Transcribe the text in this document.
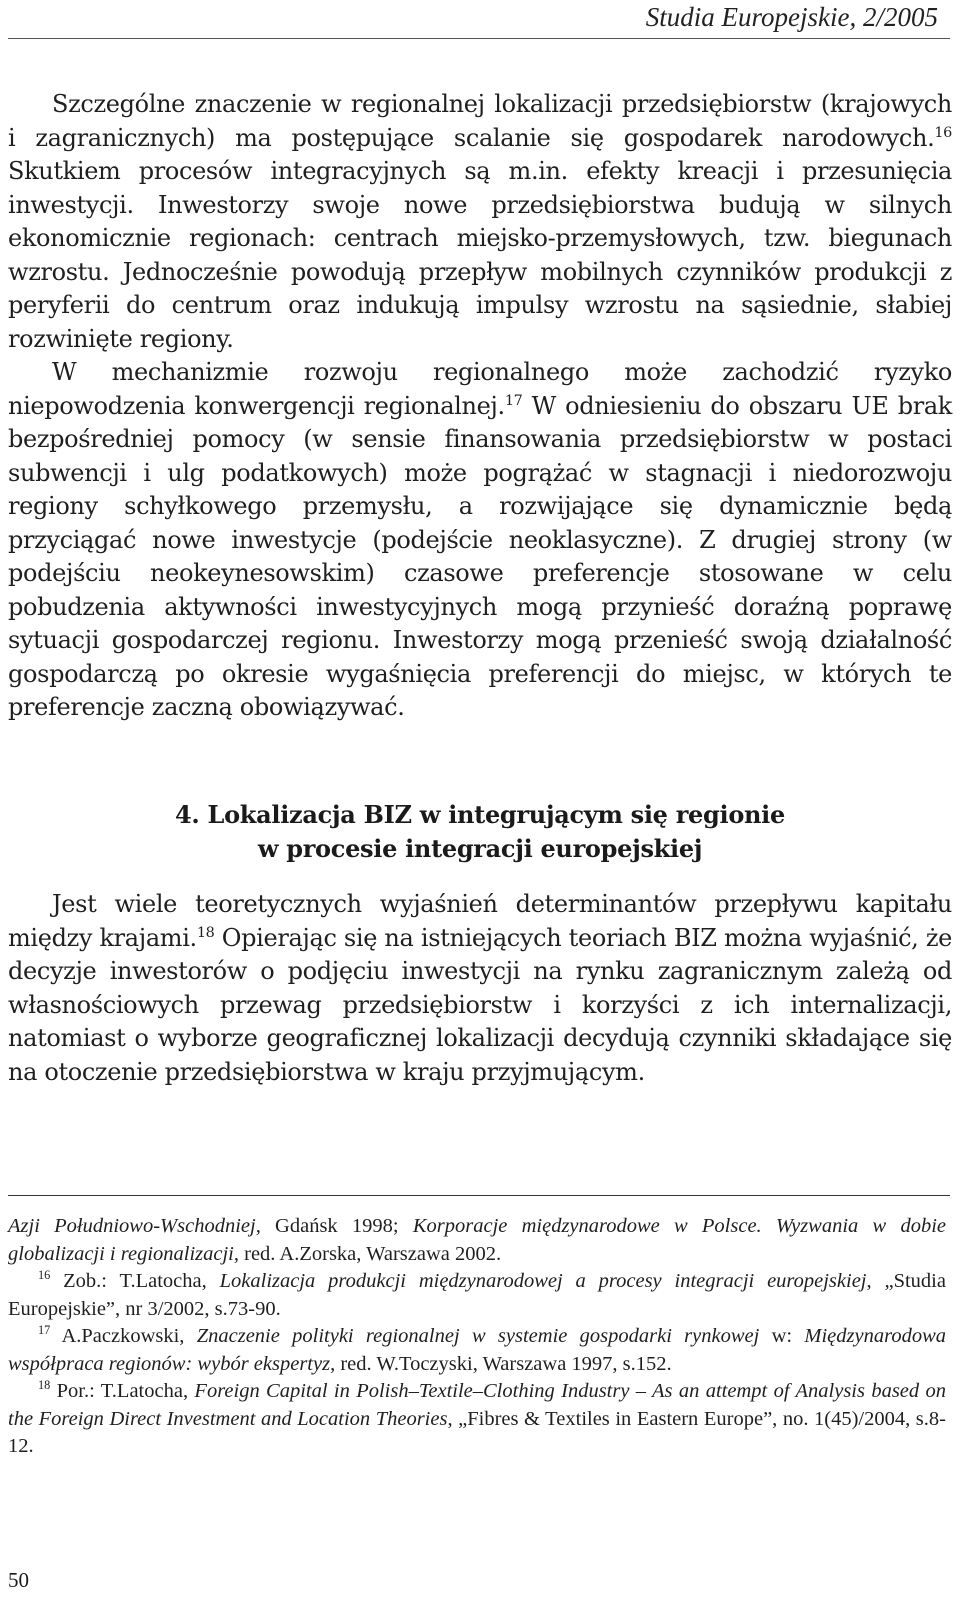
Studia Europejskie, 2/2005

Szczególne znaczenie w regionalnej lokalizacji przedsiębiorstw (krajowych i zagranicznych) ma postępujące scalanie się gospodarek narodowych.$^{16}$ Skutkiem procesów integracyjnych są m.in. efekty kreacji i przesunięcia inwestycji. Inwestorzy swoje nowe przedsiębiorstwa budują w silnych ekonomicznie regionach: centrach miejsko-przemysłowych, tzw. biegunach wzrostu. Jednocześnie powodują przepływ mobilnych czynników produkcji z peryferii do centrum oraz indukują impulsy wzrostu na sąsiednie, słabiej rozwinięte regiony.

W mechanizmie rozwoju regionalnego może zachodzić ryzyko niepowodzenia konwergencji regionalnej.$^{17}$ W odniesieniu do obszaru UE brak bezpośredniej pomocy (w sensie finansowania przedsiębiorstw w postaci subwencji i ulg podatkowych) może pogrążać w stagnacji i niedorozwoju regiony schyłkowego przemysłu, a rozwijające się dynamicznie będą przyciągać nowe inwestycje (podejście neoklasyczne). Z drugiej strony (w podejściu neokeynesowskim) czasowe preferencje stosowane w celu pobudzenia aktywności inwestycyjnych mogą przynieść doraźną poprawę sytuacji gospodarczej regionu. Inwestorzy mogą przenieść swoją działalność gospodarczą po okresie wygaśnięcia preferencji do miejsc, w których te preferencje zaczną obowiązywać.

4. Lokalizacja BIZ w integrującym się regionie
w procesie integracji europejskiej

Jest wiele teoretycznych wyjaśnień determinantów przepływu kapitału między krajami.$^{18}$ Opierając się na istniejących teoriach BIZ można wyjaśnić, że decyzje inwestorów o podjęciu inwestycji na rynku zagranicznym zależą od własnościowych przewag przedsiębiorstw i korzyści z ich internalizacji, natomiast o wyborze geograficznej lokalizacji decydują czynniki składające się na otoczenie przedsiębiorstwa w kraju przyjmującym.

Azji Południowo-Wschodniej, Gdańsk 1998; Korporacje międzynarodowe w Polsce. Wyzwania w dobie globalizacji i regionalizacji, red. A.Zorska, Warszawa 2002.

$^{16}$ Zob.: T.Latocha, Lokalizacja produkcji międzynarodowej a procesy integracji europejskiej, „Studia Europejskie”, nr 3/2002, s.73-90.

$^{17}$ A.Paczkowski, Znaczenie polityki regionalnej w systemie gospodarki rynkowej w: Międzynarodowa współpraca regionów: wybór ekspertyz, red. W.Toczyski, Warszawa 1997, s.152.

$^{18}$ Por.: T.Latocha, Foreign Capital in Polish–Textile–Clothing Industry – As an attempt of Analysis based on the Foreign Direct Investment and Location Theories, „Fibres & Textiles in Eastern Europe”, no. 1(45)/2004, s.8-12.

50
